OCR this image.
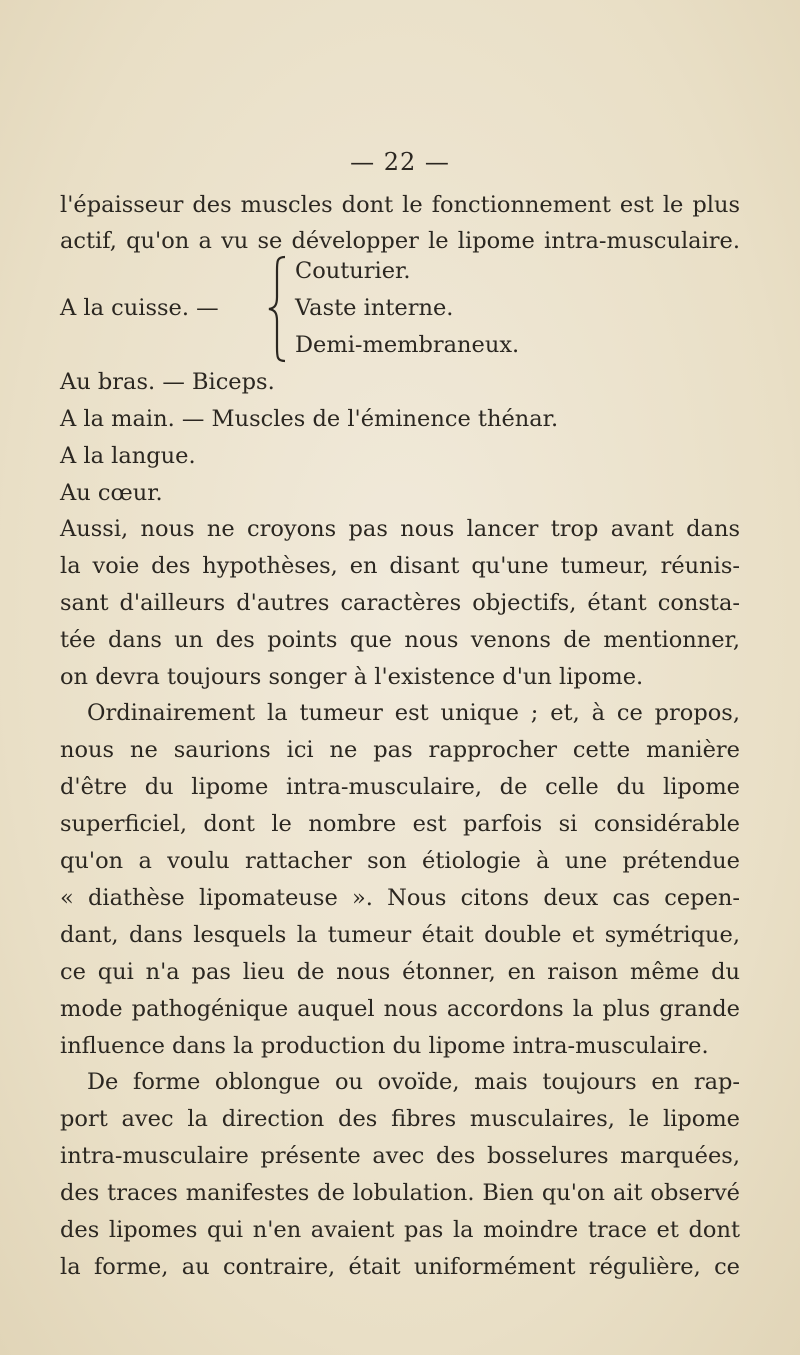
— 22 —
l'épaisseur des muscles dont le fonctionnement est le plus
actif, qu'on a vu se développer le lipome intra-musculaire.
A la cuisse. —
Couturier.
Vaste interne.
Demi-membraneux.
Au bras. — Biceps.
A la main. — Muscles de l'éminence thénar.
A la langue.
Au cœur.
Aussi, nous ne croyons pas nous lancer trop avant dans
la voie des hypothèses, en disant qu'une tumeur, réunis-
sant d'ailleurs d'autres caractères objectifs, étant consta-
tée dans un des points que nous venons de mentionner,
on devra toujours songer à l'existence d'un lipome.
Ordinairement la tumeur est unique ; et, à ce propos,
nous ne saurions ici ne pas rapprocher cette manière
d'être du lipome intra-musculaire, de celle du lipome
superficiel, dont le nombre est parfois si considérable
qu'on a voulu rattacher son étiologie à une prétendue
« diathèse lipomateuse ». Nous citons deux cas cepen-
dant, dans lesquels la tumeur était double et symétrique,
ce qui n'a pas lieu de nous étonner, en raison même du
mode pathogénique auquel nous accordons la plus grande
influence dans la production du lipome intra-musculaire.
De forme oblongue ou ovoïde, mais toujours en rap-
port avec la direction des fibres musculaires, le lipome
intra-musculaire présente avec des bosselures marquées,
des traces manifestes de lobulation. Bien qu'on ait observé
des lipomes qui n'en avaient pas la moindre trace et dont
la forme, au contraire, était uniformément régulière, ce
